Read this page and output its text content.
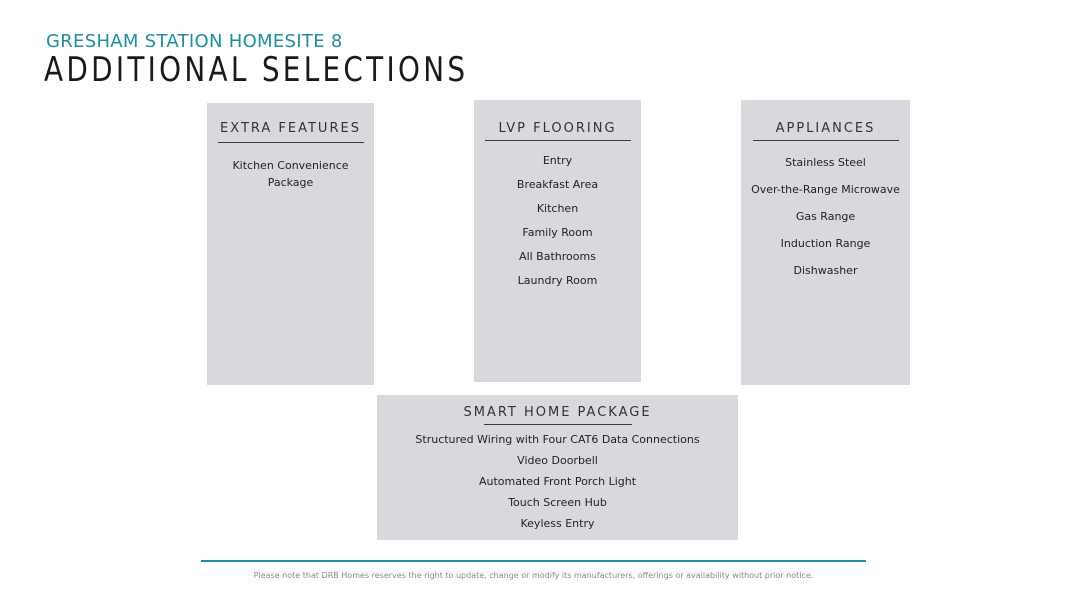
GRESHAM STATION HOMESITE 8
ADDITIONAL SELECTIONS
EXTRA FEATURES
Kitchen Convenience
Package
LVP FLOORING
Entry
Breakfast Area
Kitchen
Family Room
All Bathrooms
Laundry Room
APPLIANCES
Stainless Steel
Over-the-Range Microwave
Gas Range
Induction Range
Dishwasher
SMART HOME PACKAGE
Structured Wiring with Four CAT6 Data Connections
Video Doorbell
Automated Front Porch Light
Touch Screen Hub
Keyless Entry
Please note that DRB Homes reserves the right to update, change or modify its manufacturers, offerings or availability without prior notice.
